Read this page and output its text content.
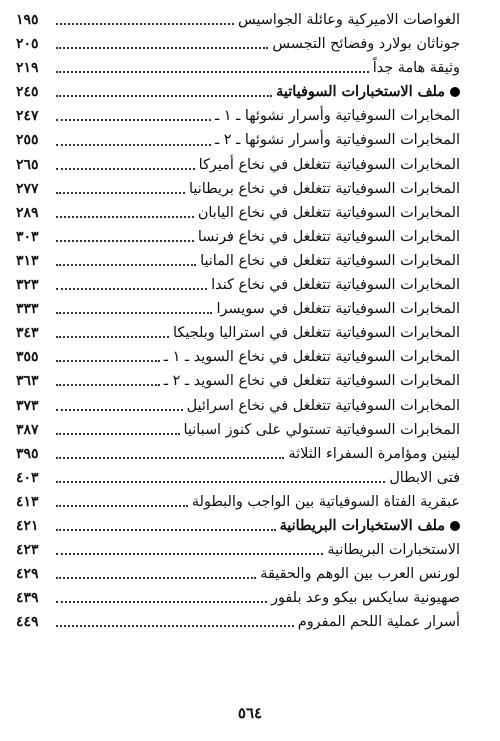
الغواصات الاميركية وعائلة الجواسيس
١٩٥
جوناثان بولارد وفضائح التجسس
٢٠٥
وثيقة هامة جداً
٢١٩
ملف الاستخبارات السوفياتية
٢٤٥
المخابرات السوفياتية وأسرار نشوئها ـ ١ ـ
٢٤٧
المخابرات السوفياتية وأسرار نشوئها ـ ٢ ـ
٢٥٥
المخابرات السوفياتية تتغلغل في نخاع أميركا
٢٦٥
المخابرات السوفياتية تتغلغل في نخاع بريطانيا
٢٧٧
المخابرات السوفياتية تتغلغل في نخاع اليابان
٢٨٩
المخابرات السوفياتية تتغلغل في نخاع فرنسا
٣٠٣
المخابرات السوفياتية تتغلغل في نخاع المانيا
٣١٣
المخابرات السوفياتية تتغلغل في نخاع كندا
٣٢٣
المخابرات السوفياتية تتغلغل في سويسرا
٣٣٣
المخابرات السوفياتية تتغلغل في استراليا وبلجيكا
٣٤٣
المخابرات السوفياتية تتغلغل في نخاع السويد ـ ١ ـ
٣٥٥
المخابرات السوفياتية تتغلغل في نخاع السويد ـ ٢ ـ
٣٦٣
المخابرات السوفياتية تتغلغل في نخاع اسرائيل
٣٧٣
المخابرات السوفياتية تستولي على كنوز اسبانيا
٣٨٧
لينين ومؤامرة السفراء الثلاثة
٣٩٥
فتى الابطال
٤٠٣
عبقرية الفتاة السوفياتية بين الواجب والبطولة
٤١٣
ملف الاستخبارات البريطانية
٤٢١
الاستخبارات البريطانية
٤٢٣
لورنس العرب بين الوهم والحقيقة
٤٢٩
صهيونية سايكس بيكو وعد بلفور
٤٣٩
أسرار عملية اللحم المفروم
٤٤٩
٥٦٤
